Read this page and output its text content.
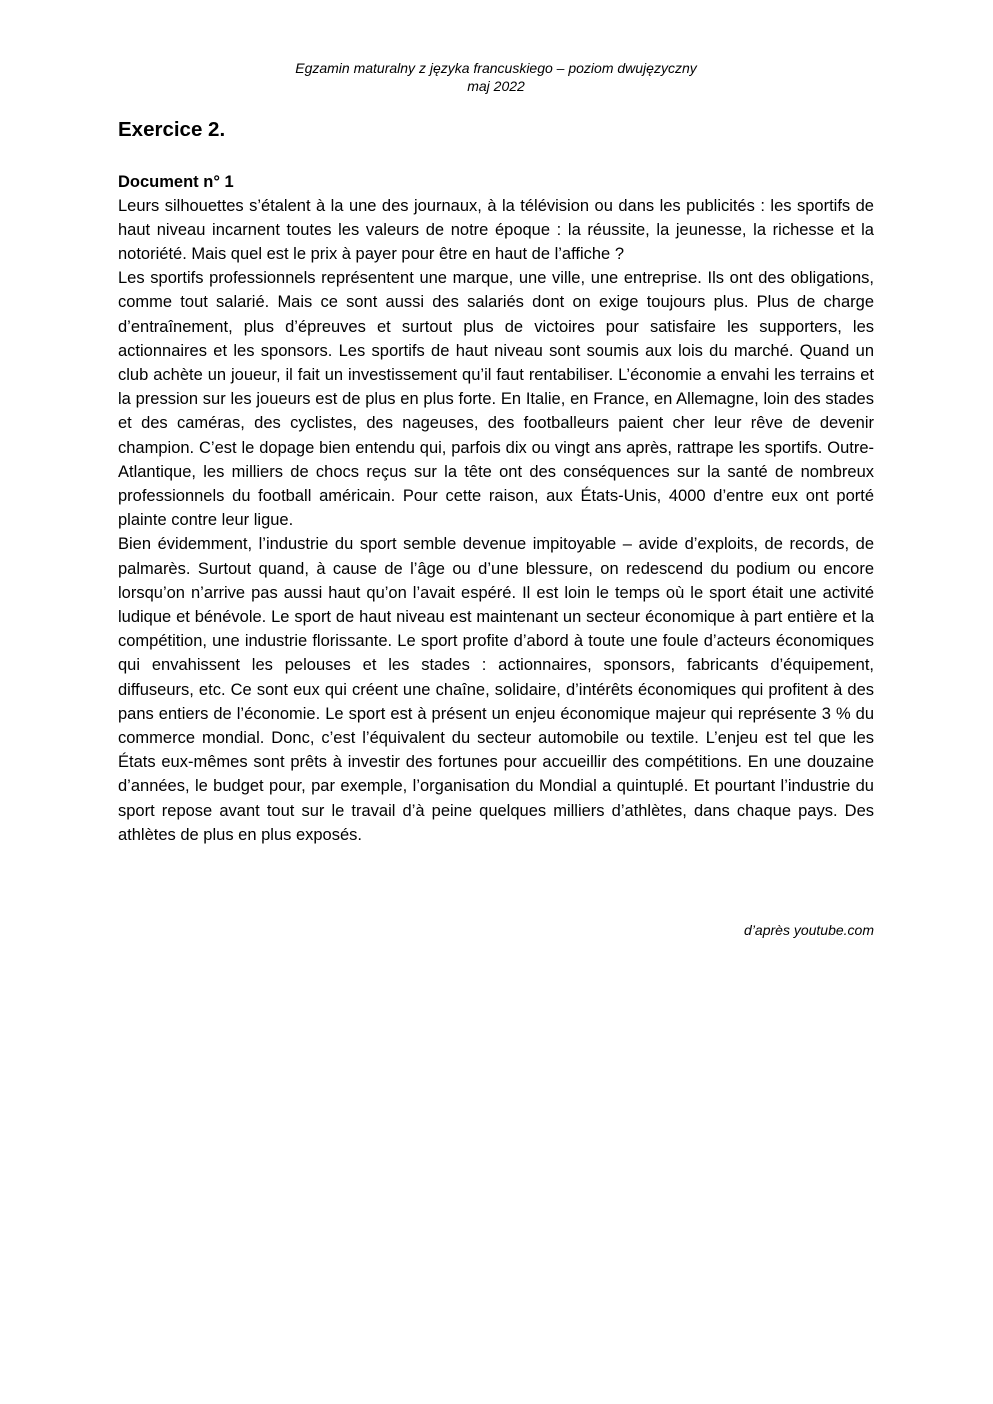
Egzamin maturalny z języka francuskiego – poziom dwujęzyczny
maj 2022
Exercice 2.
Document n° 1

Leurs silhouettes s’étalent à la une des journaux, à la télévision ou dans les publicités : les sportifs de haut niveau incarnent toutes les valeurs de notre époque : la réussite, la jeunesse, la richesse et la notoriété. Mais quel est le prix à payer pour être en haut de l’affiche ?

Les sportifs professionnels représentent une marque, une ville, une entreprise. Ils ont des obligations, comme tout salarié. Mais ce sont aussi des salariés dont on exige toujours plus. Plus de charge d’entraînement, plus d’épreuves et surtout plus de victoires pour satisfaire les supporters, les actionnaires et les sponsors. Les sportifs de haut niveau sont soumis aux lois du marché. Quand un club achète un joueur, il fait un investissement qu’il faut rentabiliser. L’économie a envahi les terrains et la pression sur les joueurs est de plus en plus forte. En Italie, en France, en Allemagne, loin des stades et des caméras, des cyclistes, des nageuses, des footballeurs paient cher leur rêve de devenir champion. C’est le dopage bien entendu qui, parfois dix ou vingt ans après, rattrape les sportifs. Outre-Atlantique, les milliers de chocs reçus sur la tête ont des conséquences sur la santé de nombreux professionnels du football américain. Pour cette raison, aux États-Unis, 4000 d’entre eux ont porté plainte contre leur ligue.

Bien évidemment, l’industrie du sport semble devenue impitoyable – avide d’exploits, de records, de palmarès. Surtout quand, à cause de l’âge ou d’une blessure, on redescend du podium ou encore lorsqu’on n’arrive pas aussi haut qu’on l’avait espéré. Il est loin le temps où le sport était une activité ludique et bénévole. Le sport de haut niveau est maintenant un secteur économique à part entière et la compétition, une industrie florissante. Le sport profite d’abord à toute une foule d’acteurs économiques qui envahissent les pelouses et les stades : actionnaires, sponsors, fabricants d’équipement, diffuseurs, etc. Ce sont eux qui créent une chaîne, solidaire, d’intérêts économiques qui profitent à des pans entiers de l’économie. Le sport est à présent un enjeu économique majeur qui représente 3 % du commerce mondial. Donc, c’est l’équivalent du secteur automobile ou textile. L’enjeu est tel que les États eux-mêmes sont prêts à investir des fortunes pour accueillir des compétitions. En une douzaine d’années, le budget pour, par exemple, l’organisation du Mondial a quintuplé. Et pourtant l’industrie du sport repose avant tout sur le travail d’à peine quelques milliers d’athlètes, dans chaque pays. Des athlètes de plus en plus exposés.

d’après youtube.com
